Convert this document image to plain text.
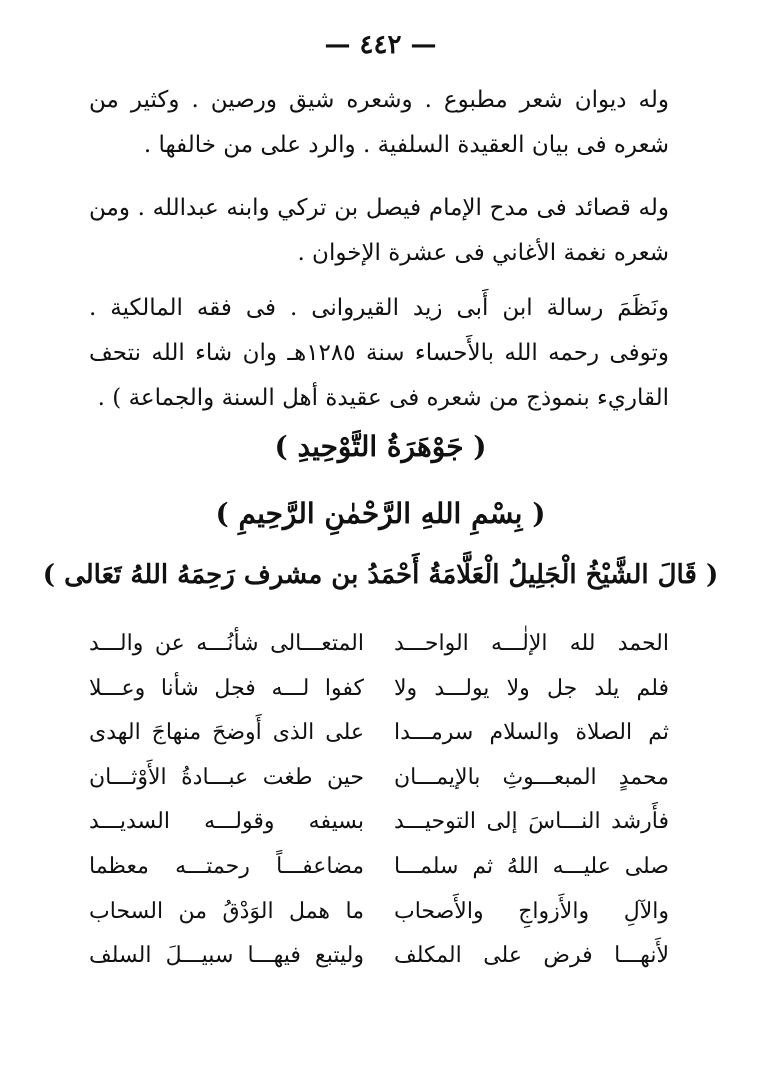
— ٤٤٢ —
وله ديوان شعر مطبوع . وشعره شيق ورصين . وكثير من شعره فى بيان العقيدة السلفية . والرد على من خالفها .
وله قصائد فى مدح الإمام فيصل بن تركي وابنه عبدالله . ومن شعره نغمة الأغاني فى عشرة الإخوان .
ونَظَمَ رسالة ابن أَبى زيد القيروانى . فى فقه المالكية . وتوفى رحمه الله بالأَحساء سنة ١٢٨٥هـ وان شاء الله نتحف القاريء بنموذج من شعره فى عقيدة أهل السنة والجماعة ) .
( جَوْهَرَةُ التَّوْحِيدِ )
( بِسْمِ اللهِ الرَّحْمٰنِ الرَّحِيمِ )
( قَالَ الشَّيْخُ الْجَلِيلُ الْعَلَّامَةُ أَحْمَدُ بن مشرف رَحِمَهُ اللهُ تَعَالى )
الحمد لله الإلٰـــه الواحـــد
المتعـــالى شأنُـــه عن والـــد
فلم يلد جل ولا يولـــد ولا
كفوا لـــه فجل شأنا وعـــلا
ثم الصلاة والسلام سرمـــدا
على الذى أَوضحَ منهاجَ الهدى
محمدٍ المبعـــوثِ بالإيمـــان
حين طغت عبـــادةُ الأَوْثـــان
فأَرشد النـــاسَ إلى التوحيـــد
بسيفه وقولـــه السديـــد
صلى عليـــه اللهُ ثم سلمـــا
مضاعفـــاً رحمتـــه معظما
والآلِ والأَزواجِ والأَصحاب
ما همل الوَدْقُ من السحاب
لأَنهـــا فرض على المكلف
وليتبع فيهـــا سبيـــلَ السلف
